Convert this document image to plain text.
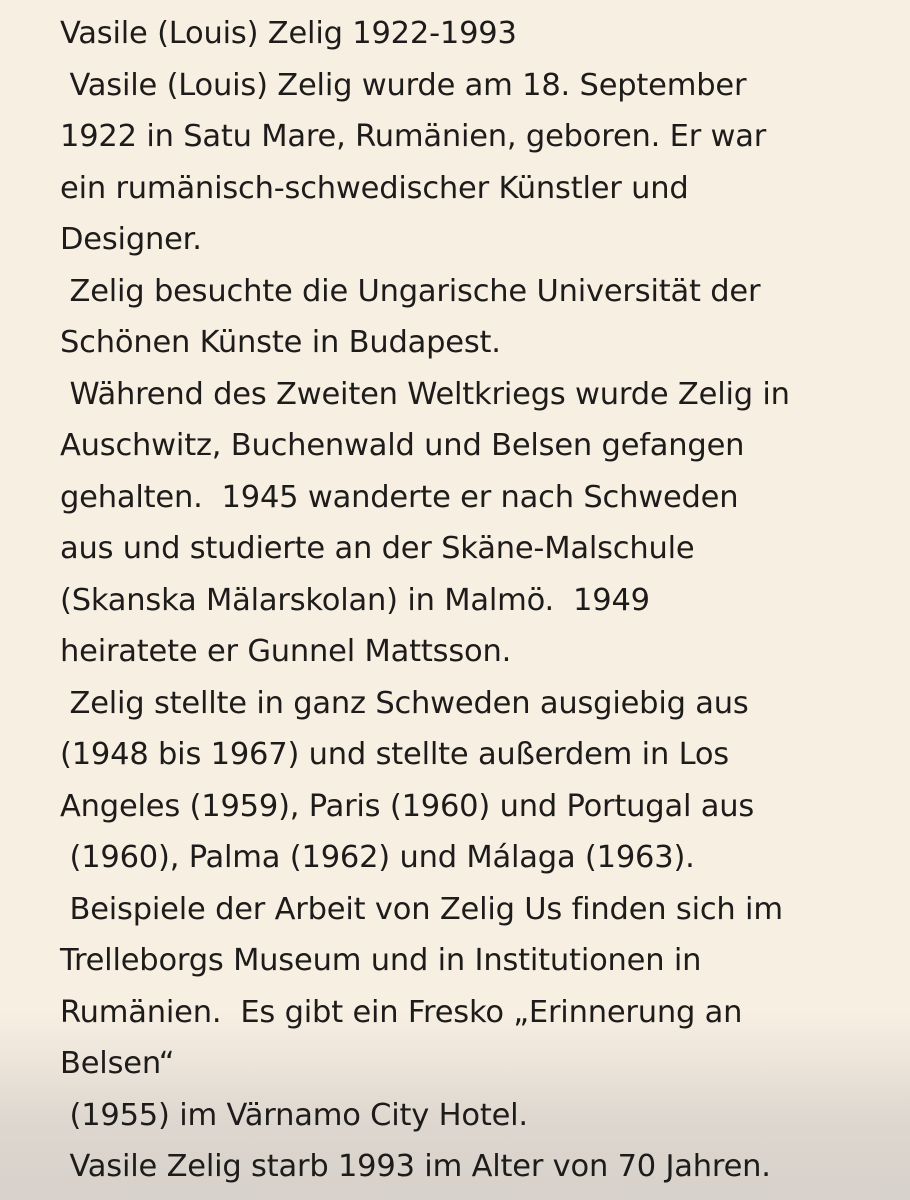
Vasile (Louis) Zelig 1922-1993
Vasile (Louis) Zelig wurde am 18. September
1922 in Satu Mare, Rumänien, geboren. Er war
ein rumänisch-schwedischer Künstler und
Designer.
Zelig besuchte die Ungarische Universität der
Schönen Künste in Budapest.
Während des Zweiten Weltkriegs wurde Zelig in
Auschwitz, Buchenwald und Belsen gefangen
gehalten.  1945 wanderte er nach Schweden
aus und studierte an der Skäne-Malschule
(Skanska Mälarskolan) in Malmö.  1949
heiratete er Gunnel Mattsson.
Zelig stellte in ganz Schweden ausgiebig aus
(1948 bis 1967) und stellte außerdem in Los
Angeles (1959), Paris (1960) und Portugal aus
(1960), Palma (1962) und Málaga (1963).
Beispiele der Arbeit von Zelig Us finden sich im
Trelleborgs Museum und in Institutionen in
Rumänien.  Es gibt ein Fresko „Erinnerung an
Belsen“
(1955) im Värnamo City Hotel.
Vasile Zelig starb 1993 im Alter von 70 Jahren.
